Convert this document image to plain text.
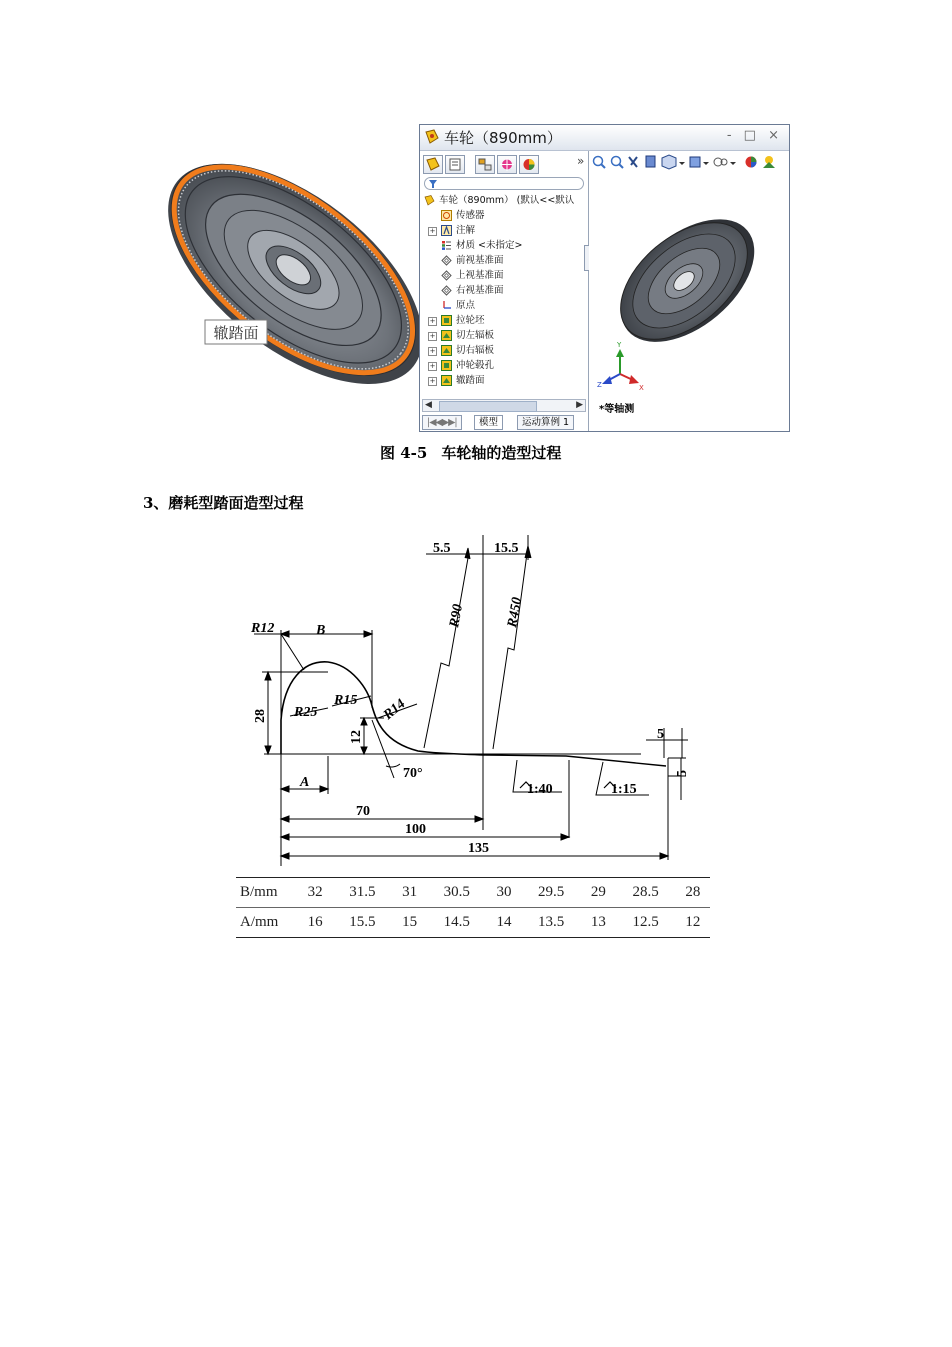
辙踏面
车轮（890mm）	- □ ×
»
车轮（890mm） (默认<<默认
传感器
+ 注解
材质 <未指定>
前视基准面
上视基准面
右视基准面
原点
+ 拉轮坯
+ 切左辐板
+ 切右辐板
+ 冲轮毂孔
+ 辙踏面
◀	▶
|◀◀▶▶|	模型	运动算例 1
Y
X
Z
*等轴测
图 4-5 车轮轴的造型过程
3、磨耗型踏面造型过程
5.5	15.5
R90	R450
R12	B
28 R25
R15
12
R14
70°
A	1:40	1:15
5
5
70
100
135
B/mm	32	31.5	31	30.5	30	29.5	29	28.5	28
A/mm	16	15.5	15	14.5	14	13.5	13	12.5	12
